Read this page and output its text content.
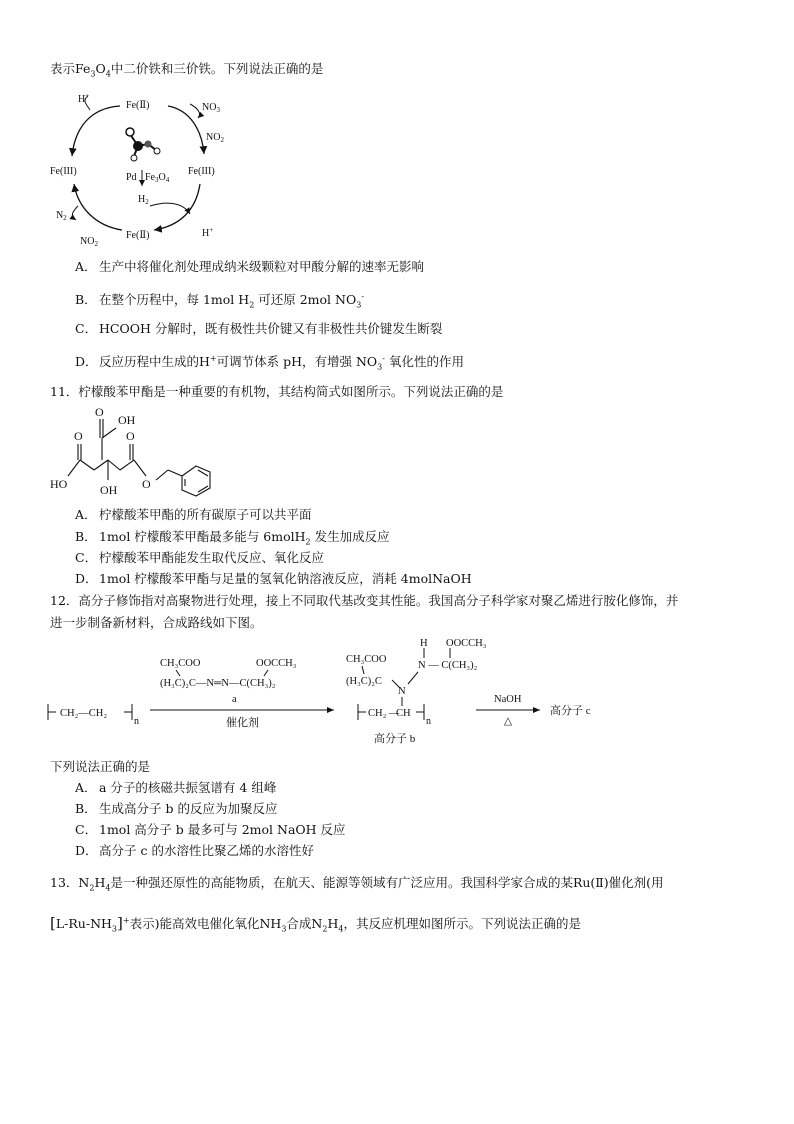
表示$Fe_3O_4$中二价铁和三价铁。下列说法正确的是
Pd $Fe_3O_4$
$H_2$
Fe(Ⅱ)
H+
$NO_3$
$NO_2$
Fe(III)	Fe(III)
$N_2$
$NO_2$
Fe(Ⅱ)	H+
A． 生产中将催化剂处理成纳米级颗粒对甲酸分解的速率无影响
B． 在整个历程中，每 1mol $H_2$ 可还原 2mol $NO_3^-$
C． HCOOH 分解时，既有极性共价键又有非极性共价键发生断裂
D．反应历程中生成的H+可调节体系 pH，有增强 $NO_3^-$ 氧化性的作用
11．柠檬酸苯甲酯是一种重要的有机物，其结构简式如图所示。下列说法正确的是
O
OH
O	O
HO	OH O
A． 柠檬酸苯甲酯的所有碳原子可以共平面
B． 1mol 柠檬酸苯甲酯最多能与 6molH$_2$ 发生加成反应
C． 柠檬酸苯甲酯能发生取代反应、氧化反应
D．1mol 柠檬酸苯甲酯与足量的氢氧化钠溶液反应，消耗 4molNaOH
12．高分子修饰指对高聚物进行处理，接上不同取代基改变其性能。我国高分子科学家对聚乙烯进行胺化修饰，并
进一步制备新材料，合成路线如下图。
CH₂—CH₂
n
CH₃COO	OOCCH₃
(H₃C)₂C—N═N—C(CH₃)₂
a
催化剂
CH₃COO
H OOCCH₃
N — C(CH₃)₂
(H₃C)₂C
N
CH₂ —
CH
n
高分子 b
NaOH
△
高分子 c
下列说法正确的是
A． a 分子的核磁共振氢谱有 4 组峰
B． 生成高分子 b 的反应为加聚反应
C． 1mol 高分子 b 最多可与 2mol NaOH 反应
D．高分子 c 的水溶性比聚乙烯的水溶性好
13．$N_2H_4$是一种强还原性的高能物质，在航天、能源等领域有广泛应用。我国科学家合成的某Ru(Ⅱ)催化剂(用
$[L-Ru-NH_3]^+$表示)能高效电催化氧化$NH_3$合成$N_2H_4$，其反应机理如图所示。下列说法正确的是
